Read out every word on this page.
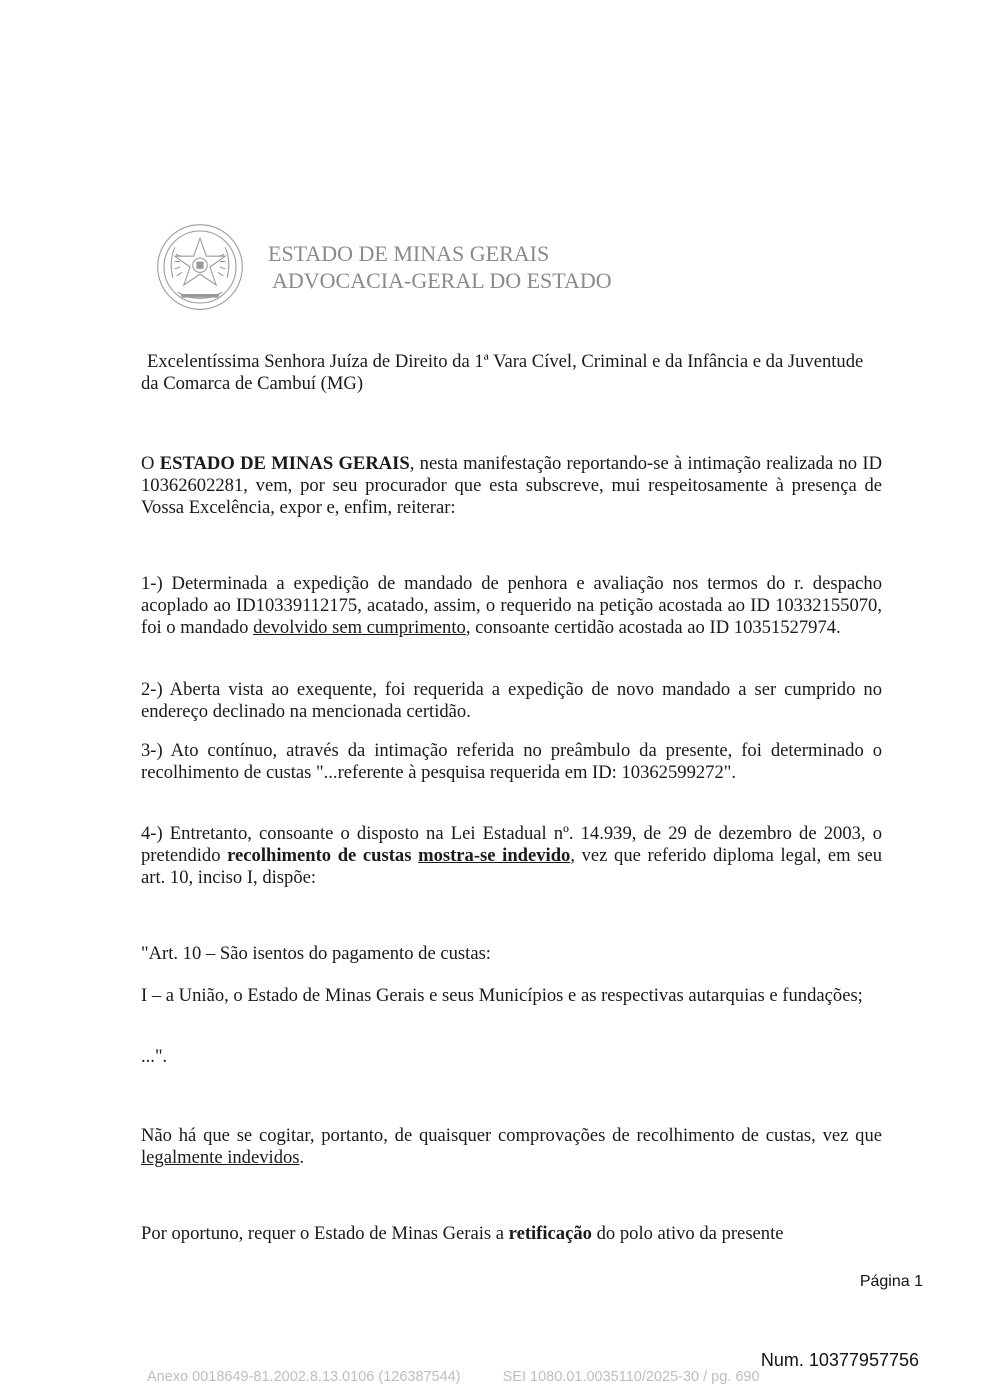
ESTADO DE MINAS GERAIS
ADVOCACIA-GERAL DO ESTADO

Excelentíssima Senhora Juíza de Direito da 1ª Vara Cível, Criminal e da Infância e da Juventude da Comarca de Cambuí (MG)

O ESTADO DE MINAS GERAIS, nesta manifestação reportando-se à intimação realizada no ID 10362602281, vem, por seu procurador que esta subscreve, mui respeitosamente à presença de Vossa Excelência, expor e, enfim, reiterar:

1-) Determinada a expedição de mandado de penhora e avaliação nos termos do r. despacho acoplado ao ID10339112175, acatado, assim, o requerido na petição acostada ao ID 10332155070, foi o mandado devolvido sem cumprimento, consoante certidão acostada ao ID 10351527974.

2-) Aberta vista ao exequente, foi requerida a expedição de novo mandado a ser cumprido no endereço declinado na mencionada certidão.

3-) Ato contínuo, através da intimação referida no preâmbulo da presente, foi determinado o recolhimento de custas "...referente à pesquisa requerida em ID: 10362599272".

4-) Entretanto, consoante o disposto na Lei Estadual nº. 14.939, de 29 de dezembro de 2003, o pretendido recolhimento de custas mostra-se indevido, vez que referido diploma legal, em seu art. 10, inciso I, dispõe:

"Art. 10 – São isentos do pagamento de custas:

I – a União, o Estado de Minas Gerais e seus Municípios e as respectivas autarquias e fundações;

...".

Não há que se cogitar, portanto, de quaisquer comprovações de recolhimento de custas, vez que legalmente indevidos.

Por oportuno, requer o Estado de Minas Gerais a retificação do polo ativo da presente

Página 1
Num. 10377957756
Anexo 0018649-81.2002.8.13.0106 (126387544)	SEI 1080.01.0035110/2025-30 / pg. 690
